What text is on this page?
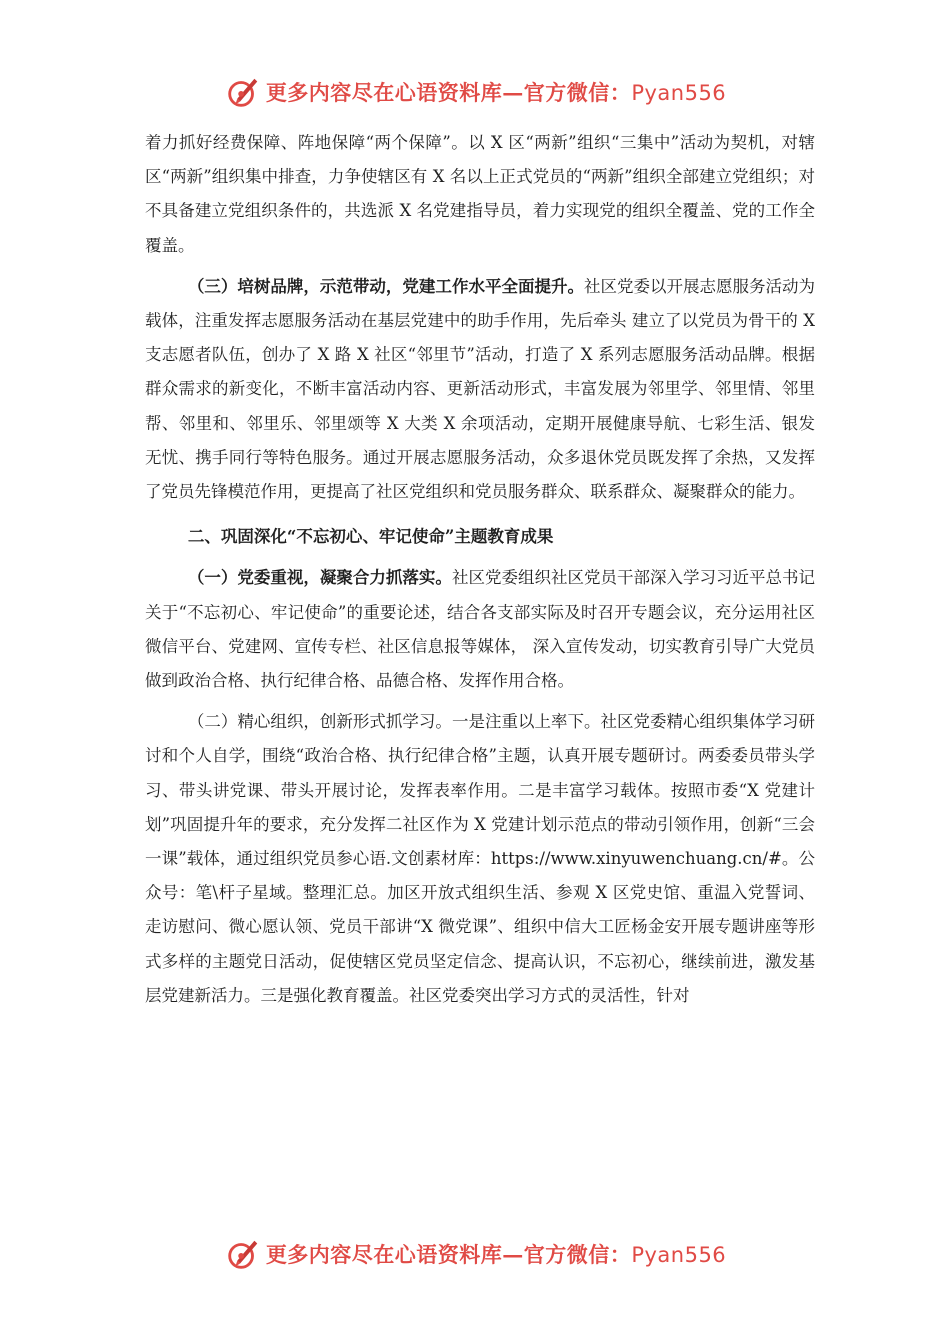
更多内容尽在心语资料库—官方微信：Pyan556

着力抓好经费保障、阵地保障“两个保障”。以 X 区“两新”组织“三集中”活动为契机，对辖区“两新”组织集中排查，力争使辖区有 X 名以上正式党员的“两新”组织全部建立党组织；对不具备建立党组织条件的，共选派 X 名党建指导员，着力实现党的组织全覆盖、党的工作全覆盖。

（三）培树品牌，示范带动，党建工作水平全面提升。社区党委以开展志愿服务活动为载体，注重发挥志愿服务活动在基层党建中的助手作用，先后牵头 建立了以党员为骨干的 X 支志愿者队伍，创办了 X 路 X 社区“邻里节”活动，打造了 X 系列志愿服务活动品牌。根据群众需求的新变化，不断丰富活动内容、更新活动形式，丰富发展为邻里学、邻里情、邻里帮、邻里和、邻里乐、邻里颂等 X 大类 X 余项活动，定期开展健康导航、七彩生活、银发无忧、携手同行等特色服务。通过开展志愿服务活动，众多退休党员既发挥了余热，又发挥了党员先锋模范作用，更提高了社区党组织和党员服务群众、联系群众、凝聚群众的能力。

二、巩固深化“不忘初心、牢记使命”主题教育成果

（一）党委重视，凝聚合力抓落实。社区党委组织社区党员干部深入学习习近平总书记关于“不忘初心、牢记使命”的重要论述，结合各支部实际及时召开专题会议，充分运用社区微信平台、党建网、宣传专栏、社区信息报等媒体， 深入宣传发动，切实教育引导广大党员做到政治合格、执行纪律合格、品德合格、发挥作用合格。

（二）精心组织，创新形式抓学习。一是注重以上率下。社区党委精心组织集体学习研讨和个人自学，围绕“政治合格、执行纪律合格”主题，认真开展专题研讨。两委委员带头学习、带头讲党课、带头开展讨论，发挥表率作用。二是丰富学习载体。按照市委“X 党建计划”巩固提升年的要求，充分发挥二社区作为 X 党建计划示范点的带动引领作用，创新“三会一课”载体，通过组织党员参心语.文创素材库：https://www.xinyuwenchuang.cn/#。公众号：笔\杆子星域。整理汇总。加区开放式组织生活、参观 X 区党史馆、重温入党誓词、走访慰问、微心愿认领、党员干部讲“X 微党课”、组织中信大工匠杨金安开展专题讲座等形式多样的主题党日活动，促使辖区党员坚定信念、提高认识，不忘初心，继续前进，激发基层党建新活力。三是强化教育覆盖。社区党委突出学习方式的灵活性，针对

更多内容尽在心语资料库—官方微信：Pyan556
